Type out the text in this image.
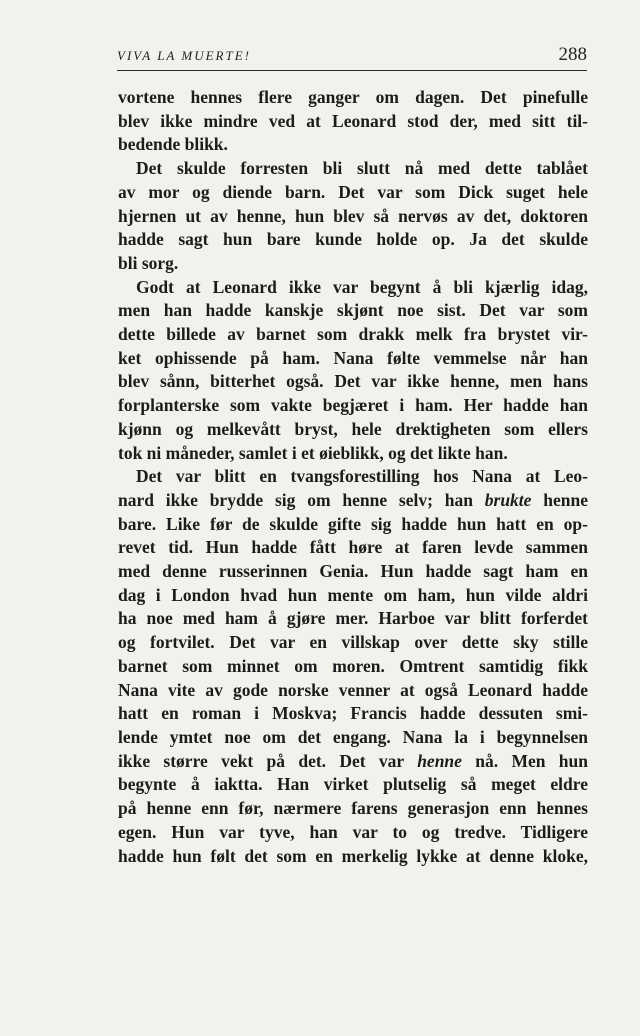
VIVA LA MUERTE!	288
vortene hennes flere ganger om dagen. Det pinefulle
blev ikke mindre ved at Leonard stod der, med sitt til-
bedende blikk.
Det skulde forresten bli slutt nå med dette tablået
av mor og diende barn. Det var som Dick suget hele
hjernen ut av henne, hun blev så nervøs av det, doktoren
hadde sagt hun bare kunde holde op. Ja det skulde
bli sorg.
Godt at Leonard ikke var begynt å bli kjærlig idag,
men han hadde kanskje skjønt noe sist. Det var som
dette billede av barnet som drakk melk fra brystet vir-
ket ophissende på ham. Nana følte vemmelse når han
blev sånn, bitterhet også. Det var ikke henne, men hans
forplanterske som vakte begjæret i ham. Her hadde han
kjønn og melkevått bryst, hele drektigheten som ellers
tok ni måneder, samlet i et øieblikk, og det likte han.
Det var blitt en tvangsforestilling hos Nana at Leo-
nard ikke brydde sig om henne selv; han brukte henne
bare. Like før de skulde gifte sig hadde hun hatt en op-
revet tid. Hun hadde fått høre at faren levde sammen
med denne russerinnen Genia. Hun hadde sagt ham en
dag i London hvad hun mente om ham, hun vilde aldri
ha noe med ham å gjøre mer. Harboe var blitt forferdet
og fortvilet. Det var en villskap over dette sky stille
barnet som minnet om moren. Omtrent samtidig fikk
Nana vite av gode norske venner at også Leonard hadde
hatt en roman i Moskva; Francis hadde dessuten smi-
lende ymtet noe om det engang. Nana la i begynnelsen
ikke større vekt på det. Det var henne nå. Men hun
begynte å iaktta. Han virket plutselig så meget eldre
på henne enn før, nærmere farens generasjon enn hennes
egen. Hun var tyve, han var to og tredve. Tidligere
hadde hun følt det som en merkelig lykke at denne kloke,
